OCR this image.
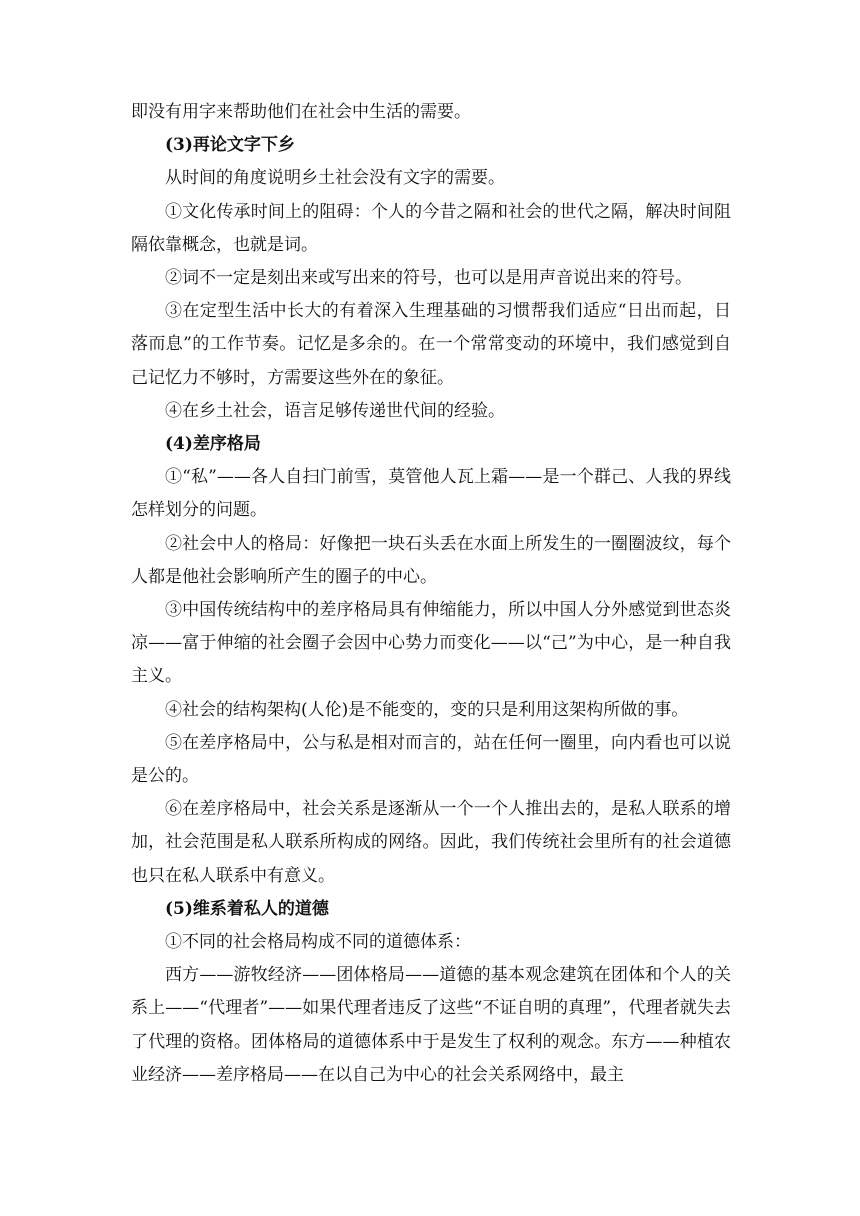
即没有用字来帮助他们在社会中生活的需要。

(3)再论文字下乡

从时间的角度说明乡土社会没有文字的需要。

①文化传承时间上的阻碍：个人的今昔之隔和社会的世代之隔，解决时间阻隔依靠概念，也就是词。

②词不一定是刻出来或写出来的符号，也可以是用声音说出来的符号。

③在定型生活中长大的有着深入生理基础的习惯帮我们适应“日出而起，日落而息”的工作节奏。记忆是多余的。在一个常常变动的环境中，我们感觉到自己记忆力不够时，方需要这些外在的象征。

④在乡土社会，语言足够传递世代间的经验。

(4)差序格局

①“私”——各人自扫门前雪，莫管他人瓦上霜——是一个群己、人我的界线怎样划分的问题。

②社会中人的格局：好像把一块石头丢在水面上所发生的一圈圈波纹，每个人都是他社会影响所产生的圈子的中心。

③中国传统结构中的差序格局具有伸缩能力，所以中国人分外感觉到世态炎凉——富于伸缩的社会圈子会因中心势力而变化——以“己”为中心，是一种自我主义。

④社会的结构架构(人伦)是不能变的，变的只是利用这架构所做的事。

⑤在差序格局中，公与私是相对而言的，站在任何一圈里，向内看也可以说是公的。

⑥在差序格局中，社会关系是逐渐从一个一个人推出去的，是私人联系的增加，社会范围是私人联系所构成的网络。因此，我们传统社会里所有的社会道德也只在私人联系中有意义。

(5)维系着私人的道德

①不同的社会格局构成不同的道德体系：

西方——游牧经济——团体格局——道德的基本观念建筑在团体和个人的关系上——“代理者”——如果代理者违反了这些“不证自明的真理”，代理者就失去了代理的资格。团体格局的道德体系中于是发生了权利的观念。东方——种植农业经济——差序格局——在以自己为中心的社会关系网络中，最主
